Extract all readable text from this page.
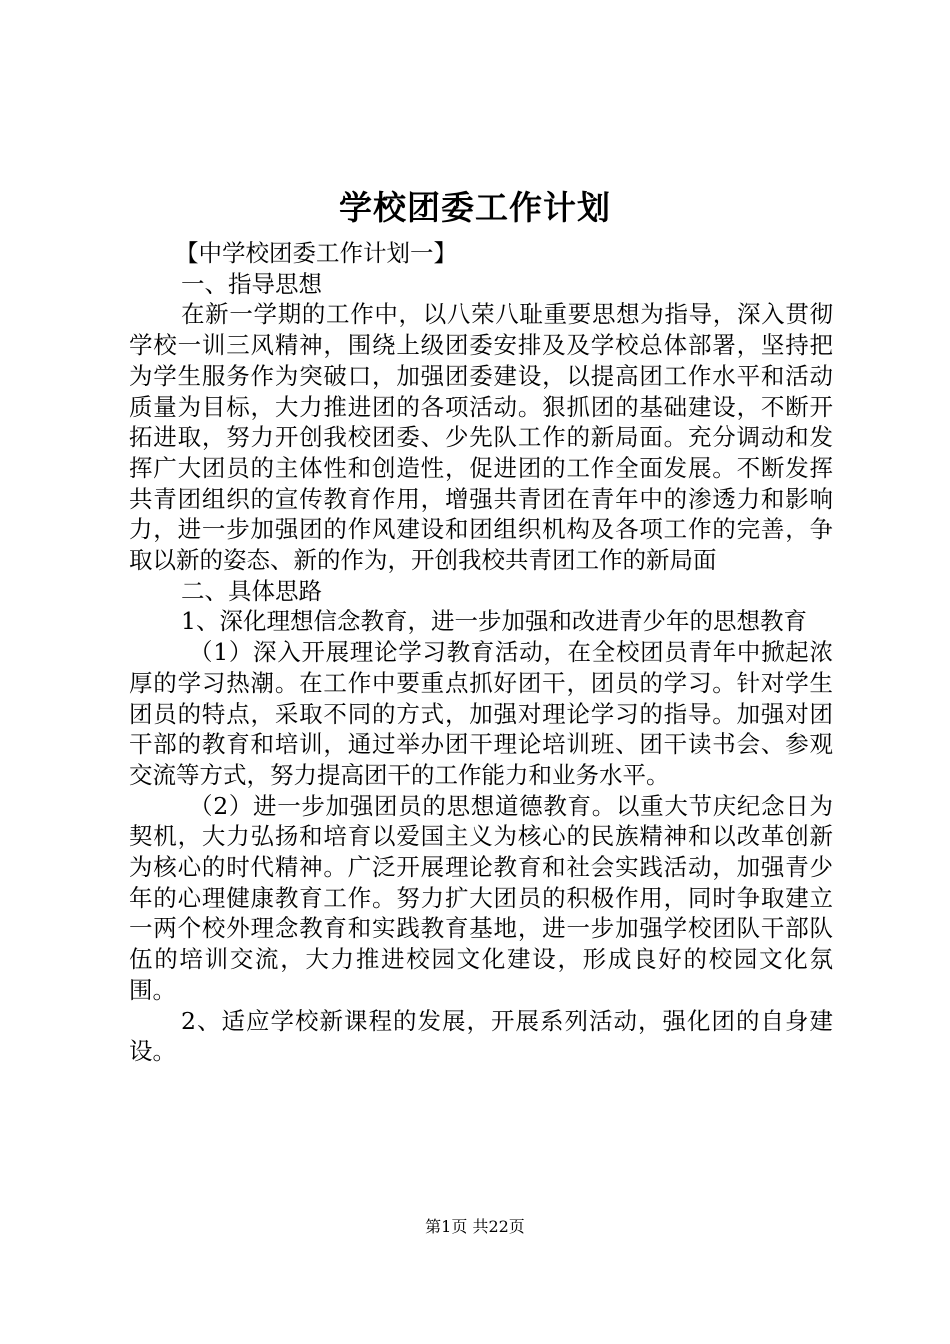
学校团委工作计划

【中学校团委工作计划一】

一、指导思想

在新一学期的工作中，以八荣八耻重要思想为指导，深入贯彻学校一训三风精神，围绕上级团委安排及及学校总体部署，坚持把为学生服务作为突破口，加强团委建设，以提高团工作水平和活动质量为目标，大力推进团的各项活动。狠抓团的基础建设，不断开拓进取，努力开创我校团委、少先队工作的新局面。充分调动和发挥广大团员的主体性和创造性，促进团的工作全面发展。不断发挥共青团组织的宣传教育作用，增强共青团在青年中的渗透力和影响力，进一步加强团的作风建设和团组织机构及各项工作的完善，争取以新的姿态、新的作为，开创我校共青团工作的新局面

二、具体思路

1、深化理想信念教育，进一步加强和改进青少年的思想教育

（1）深入开展理论学习教育活动，在全校团员青年中掀起浓厚的学习热潮。在工作中要重点抓好团干，团员的学习。针对学生团员的特点，采取不同的方式，加强对理论学习的指导。加强对团干部的教育和培训，通过举办团干理论培训班、团干读书会、参观交流等方式，努力提高团干的工作能力和业务水平。

（2）进一步加强团员的思想道德教育。以重大节庆纪念日为契机，大力弘扬和培育以爱国主义为核心的民族精神和以改革创新为核心的时代精神。广泛开展理论教育和社会实践活动，加强青少年的心理健康教育工作。努力扩大团员的积极作用，同时争取建立一两个校外理念教育和实践教育基地，进一步加强学校团队干部队伍的培训交流，大力推进校园文化建设，形成良好的校园文化氛围。

2、适应学校新课程的发展，开展系列活动，强化团的自身建设。

第1页 共22页
